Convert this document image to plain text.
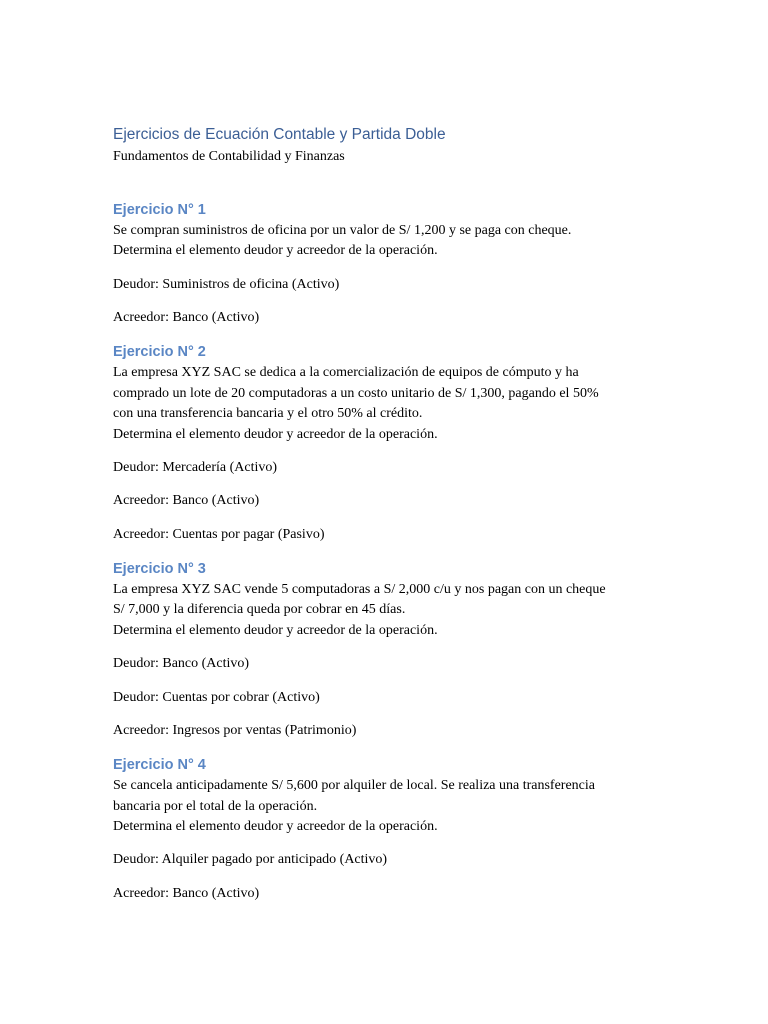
Ejercicios de Ecuación Contable y Partida Doble

Fundamentos de Contabilidad y Finanzas

Ejercicio N° 1

Se compran suministros de oficina por un valor de S/ 1,200 y se paga con cheque.

Determina el elemento deudor y acreedor de la operación.

Deudor: Suministros de oficina (Activo)

Acreedor: Banco (Activo)

Ejercicio N° 2

La empresa XYZ SAC se dedica a la comercialización de equipos de cómputo y ha

comprado un lote de 20 computadoras a un costo unitario de S/ 1,300, pagando el 50%

con una transferencia bancaria y el otro 50% al crédito.

Determina el elemento deudor y acreedor de la operación.

Deudor: Mercadería (Activo)

Acreedor: Banco (Activo)

Acreedor: Cuentas por pagar (Pasivo)

Ejercicio N° 3

La empresa XYZ SAC vende 5 computadoras a S/ 2,000 c/u y nos pagan con un cheque

S/ 7,000 y la diferencia queda por cobrar en 45 días.

Determina el elemento deudor y acreedor de la operación.

Deudor: Banco (Activo)

Deudor: Cuentas por cobrar (Activo)

Acreedor: Ingresos por ventas (Patrimonio)

Ejercicio N° 4

Se cancela anticipadamente S/ 5,600 por alquiler de local. Se realiza una transferencia

bancaria por el total de la operación.

Determina el elemento deudor y acreedor de la operación.

Deudor: Alquiler pagado por anticipado (Activo)

Acreedor: Banco (Activo)
